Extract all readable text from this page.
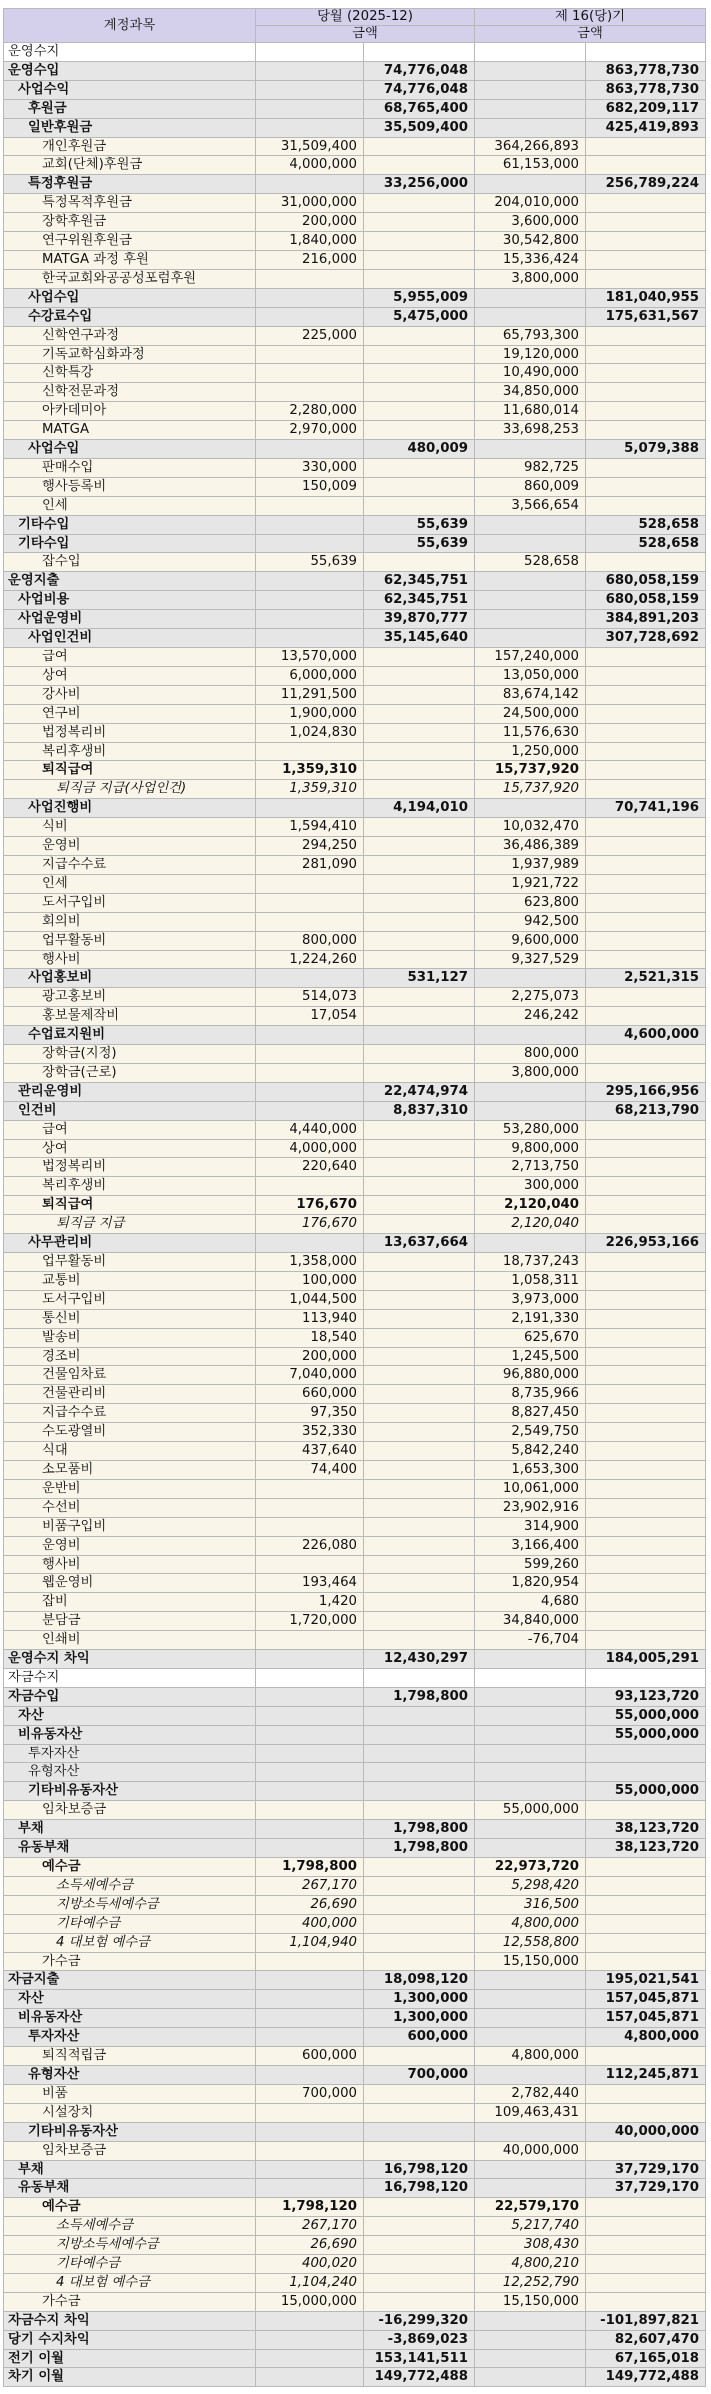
계정과목	당월 (2025-12)		제 16(당)기	
	금액		금액	
운영수지				
운영수입		74,776,048		863,778,730
사업수익		74,776,048		863,778,730
후원금		68,765,400		682,209,117
일반후원금		35,509,400		425,419,893
개인후원금	31,509,400		364,266,893	
교회(단체)후원금	4,000,000		61,153,000	
특정후원금		33,256,000		256,789,224
특정목적후원금	31,000,000		204,010,000	
장학후원금	200,000		3,600,000	
연구위원후원금	1,840,000		30,542,800	
MATGA 과정 후원	216,000		15,336,424	
한국교회와공공성포럼후원			3,800,000	
사업수입		5,955,009		181,040,955
수강료수입		5,475,000		175,631,567
신학연구과정	225,000		65,793,300	
기독교학심화과정			19,120,000	
신학특강			10,490,000	
신학전문과정			34,850,000	
아카데미아	2,280,000		11,680,014	
MATGA	2,970,000		33,698,253	
사업수입		480,009		5,079,388
판매수입	330,000		982,725	
행사등록비	150,009		860,009	
인세			3,566,654	
기타수입		55,639		528,658
기타수입		55,639		528,658
잡수입	55,639		528,658	
운영지출		62,345,751		680,058,159
사업비용		62,345,751		680,058,159
사업운영비		39,870,777		384,891,203
사업인건비		35,145,640		307,728,692
급여	13,570,000		157,240,000	
상여	6,000,000		13,050,000	
강사비	11,291,500		83,674,142	
연구비	1,900,000		24,500,000	
법정복리비	1,024,830		11,576,630	
복리후생비			1,250,000	
퇴직급여	1,359,310		15,737,920	
퇴직금 지급(사업인건)	1,359,310		15,737,920	
사업진행비		4,194,010		70,741,196
식비	1,594,410		10,032,470	
운영비	294,250		36,486,389	
지급수수료	281,090		1,937,989	
인세			1,921,722	
도서구입비			623,800	
회의비			942,500	
업무활동비	800,000		9,600,000	
행사비	1,224,260		9,327,529	
사업홍보비		531,127		2,521,315
광고홍보비	514,073		2,275,073	
홍보물제작비	17,054		246,242	
수업료지원비				4,600,000
장학금(지정)			800,000	
장학금(근로)			3,800,000	
관리운영비		22,474,974		295,166,956
인건비		8,837,310		68,213,790
급여	4,440,000		53,280,000	
상여	4,000,000		9,800,000	
법정복리비	220,640		2,713,750	
복리후생비			300,000	
퇴직급여	176,670		2,120,040	
퇴직금 지급	176,670		2,120,040	
사무관리비		13,637,664		226,953,166
업무활동비	1,358,000		18,737,243	
교통비	100,000		1,058,311	
도서구입비	1,044,500		3,973,000	
통신비	113,940		2,191,330	
발송비	18,540		625,670	
경조비	200,000		1,245,500	
건물임차료	7,040,000		96,880,000	
건물관리비	660,000		8,735,966	
지급수수료	97,350		8,827,450	
수도광열비	352,330		2,549,750	
식대	437,640		5,842,240	
소모품비	74,400		1,653,300	
운반비			10,061,000	
수선비			23,902,916	
비품구입비			314,900	
운영비	226,080		3,166,400	
행사비			599,260	
웹운영비	193,464		1,820,954	
잡비	1,420		4,680	
분담금	1,720,000		34,840,000	
인쇄비			-76,704	
운영수지 차익		12,430,297		184,005,291
자금수지				
자금수입		1,798,800		93,123,720
자산				55,000,000
비유동자산				55,000,000
투자자산				
유형자산				
기타비유동자산				55,000,000
임차보증금			55,000,000	
부채		1,798,800		38,123,720
유동부채		1,798,800		38,123,720
예수금	1,798,800		22,973,720	
소득세예수금	267,170		5,298,420	
지방소득세예수금	26,690		316,500	
기타예수금	400,000		4,800,000	
4 대보험 예수금	1,104,940		12,558,800	
가수금			15,150,000	
자금지출		18,098,120		195,021,541
자산		1,300,000		157,045,871
비유동자산		1,300,000		157,045,871
투자자산		600,000		4,800,000
퇴직적립금	600,000		4,800,000	
유형자산		700,000		112,245,871
비품	700,000		2,782,440	
시설장치			109,463,431	
기타비유동자산				40,000,000
임차보증금			40,000,000	
부채		16,798,120		37,729,170
유동부채		16,798,120		37,729,170
예수금	1,798,120		22,579,170	
소득세예수금	267,170		5,217,740	
지방소득세예수금	26,690		308,430	
기타예수금	400,020		4,800,210	
4 대보험 예수금	1,104,240		12,252,790	
가수금	15,000,000		15,150,000	
자금수지 차익		-16,299,320		-101,897,821
당기 수지차익		-3,869,023		82,607,470
전기 이월		153,141,511		67,165,018
차기 이월		149,772,488		149,772,488
